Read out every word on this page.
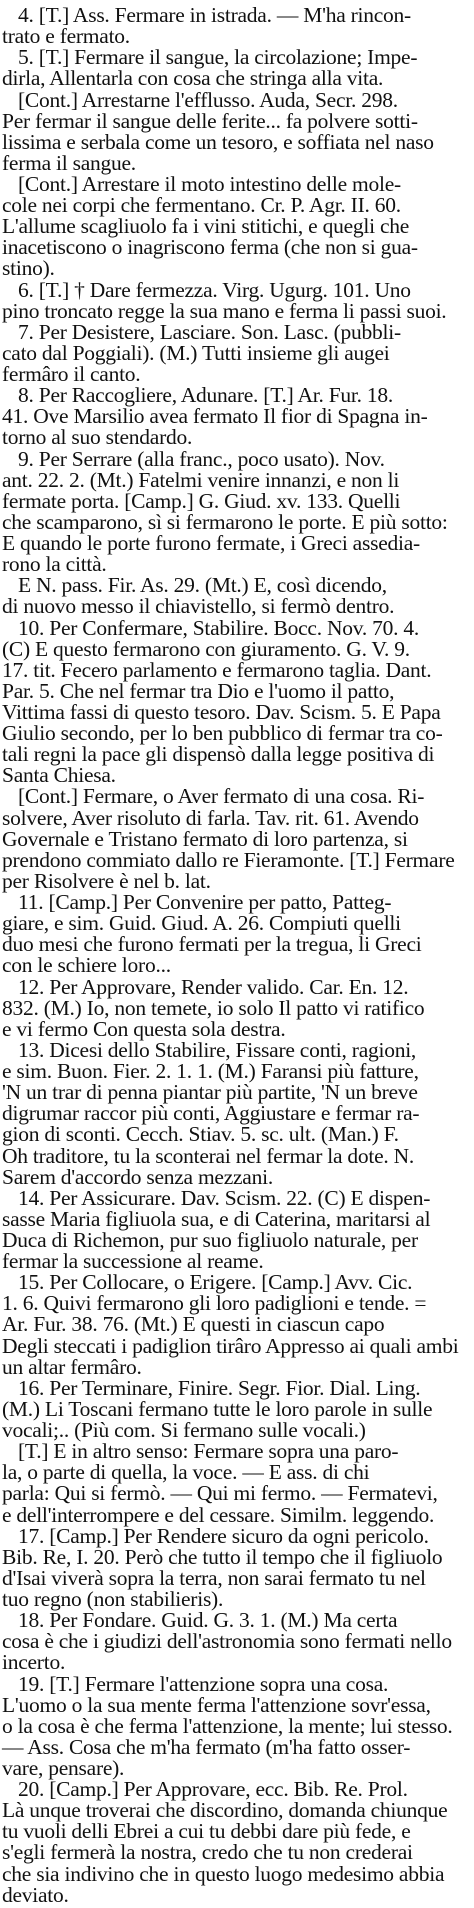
4. [T.] Ass. Fermare in istrada. — M'ha rincon-
trato e fermato.
5. [T.] Fermare il sangue, la circolazione; Impe-
dirla, Allentarla con cosa che stringa alla vita.
[Cont.] Arrestarne l'efflusso. Auda, Secr. 298.
Per fermar il sangue delle ferite... fa polvere sotti-
lissima e serbala come un tesoro, e soffiata nel naso
ferma il sangue.
[Cont.] Arrestare il moto intestino delle mole-
cole nei corpi che fermentano. Cr. P. Agr. II. 60.
L'allume scagliuolo fa i vini stitichi, e quegli che
inacetiscono o inagriscono ferma (che non si gua-
stino).
6. [T.] † Dare fermezza. Virg. Ugurg. 101. Uno
pino troncato regge la sua mano e ferma li passi suoi.
7. Per Desistere, Lasciare. Son. Lasc. (pubbli-
cato dal Poggiali). (M.) Tutti insieme gli augei
fermâro il canto.
8. Per Raccogliere, Adunare. [T.] Ar. Fur. 18.
41. Ove Marsilio avea fermato Il fior di Spagna in-
torno al suo stendardo.
9. Per Serrare (alla franc., poco usato). Nov.
ant. 22. 2. (Mt.) Fatelmi venire innanzi, e non li
fermate porta. [Camp.] G. Giud. xv. 133. Quelli
che scamparono, sì si fermarono le porte. E più sotto:
E quando le porte furono fermate, i Greci assedia-
rono la città.
E N. pass. Fir. As. 29. (Mt.) E, così dicendo,
di nuovo messo il chiavistello, si fermò dentro.
10. Per Confermare, Stabilire. Bocc. Nov. 70. 4.
(C) E questo fermarono con giuramento. G. V. 9.
17. tit. Fecero parlamento e fermarono taglia. Dant.
Par. 5. Che nel fermar tra Dio e l'uomo il patto,
Vittima fassi di questo tesoro. Dav. Scism. 5. E Papa
Giulio secondo, per lo ben pubblico di fermar tra co-
tali regni la pace gli dispensò dalla legge positiva di
Santa Chiesa.
[Cont.] Fermare, o Aver fermato di una cosa. Ri-
solvere, Aver risoluto di farla. Tav. rit. 61. Avendo
Governale e Tristano fermato di loro partenza, si
prendono commiato dallo re Fieramonte. [T.] Fermare
per Risolvere è nel b. lat.
11. [Camp.] Per Convenire per patto, Patteg-
giare, e sim. Guid. Giud. A. 26. Compiuti quelli
duo mesi che furono fermati per la tregua, li Greci
con le schiere loro...
12. Per Approvare, Render valido. Car. En. 12.
832. (M.) Io, non temete, io solo Il patto vi ratifico
e vi fermo Con questa sola destra.
13. Dicesi dello Stabilire, Fissare conti, ragioni,
e sim. Buon. Fier. 2. 1. 1. (M.) Faransi più fatture,
'N un trar di penna piantar più partite, 'N un breve
digrumar raccor più conti, Aggiustare e fermar ra-
gion di sconti. Cecch. Stiav. 5. sc. ult. (Man.) F.
Oh traditore, tu la sconterai nel fermar la dote. N.
Sarem d'accordo senza mezzani.
14. Per Assicurare. Dav. Scism. 22. (C) E dispen-
sasse Maria figliuola sua, e di Caterina, maritarsi al
Duca di Richemon, pur suo figliuolo naturale, per
fermar la successione al reame.
15. Per Collocare, o Erigere. [Camp.] Avv. Cic.
1. 6. Quivi fermarono gli loro padiglioni e tende. =
Ar. Fur. 38. 76. (Mt.) E questi in ciascun capo
Degli steccati i padiglion tirâro Appresso ai quali ambi
un altar fermâro.
16. Per Terminare, Finire. Segr. Fior. Dial. Ling.
(M.) Li Toscani fermano tutte le loro parole in sulle
vocali;.. (Più com. Si fermano sulle vocali.)
[T.] E in altro senso: Fermare sopra una paro-
la, o parte di quella, la voce. — E ass. di chi
parla: Qui si fermò. — Qui mi fermo. — Fermatevi,
e dell'interrompere e del cessare. Similm. leggendo.
17. [Camp.] Per Rendere sicuro da ogni pericolo.
Bib. Re, I. 20. Però che tutto il tempo che il figliuolo
d'Isai viverà sopra la terra, non sarai fermato tu nel
tuo regno (non stabilieris).
18. Per Fondare. Guid. G. 3. 1. (M.) Ma certa
cosa è che i giudizi dell'astronomia sono fermati nello
incerto.
19. [T.] Fermare l'attenzione sopra una cosa.
L'uomo o la sua mente ferma l'attenzione sovr'essa,
o la cosa è che ferma l'attenzione, la mente; lui stesso.
— Ass. Cosa che m'ha fermato (m'ha fatto osser-
vare, pensare).
20. [Camp.] Per Approvare, ecc. Bib. Re. Prol.
Là unque troverai che discordino, domanda chiunque
tu vuoli delli Ebrei a cui tu debbi dare più fede, e
s'egli fermerà la nostra, credo che tu non crederai
che sia indivino che in questo luogo medesimo abbia
deviato.
